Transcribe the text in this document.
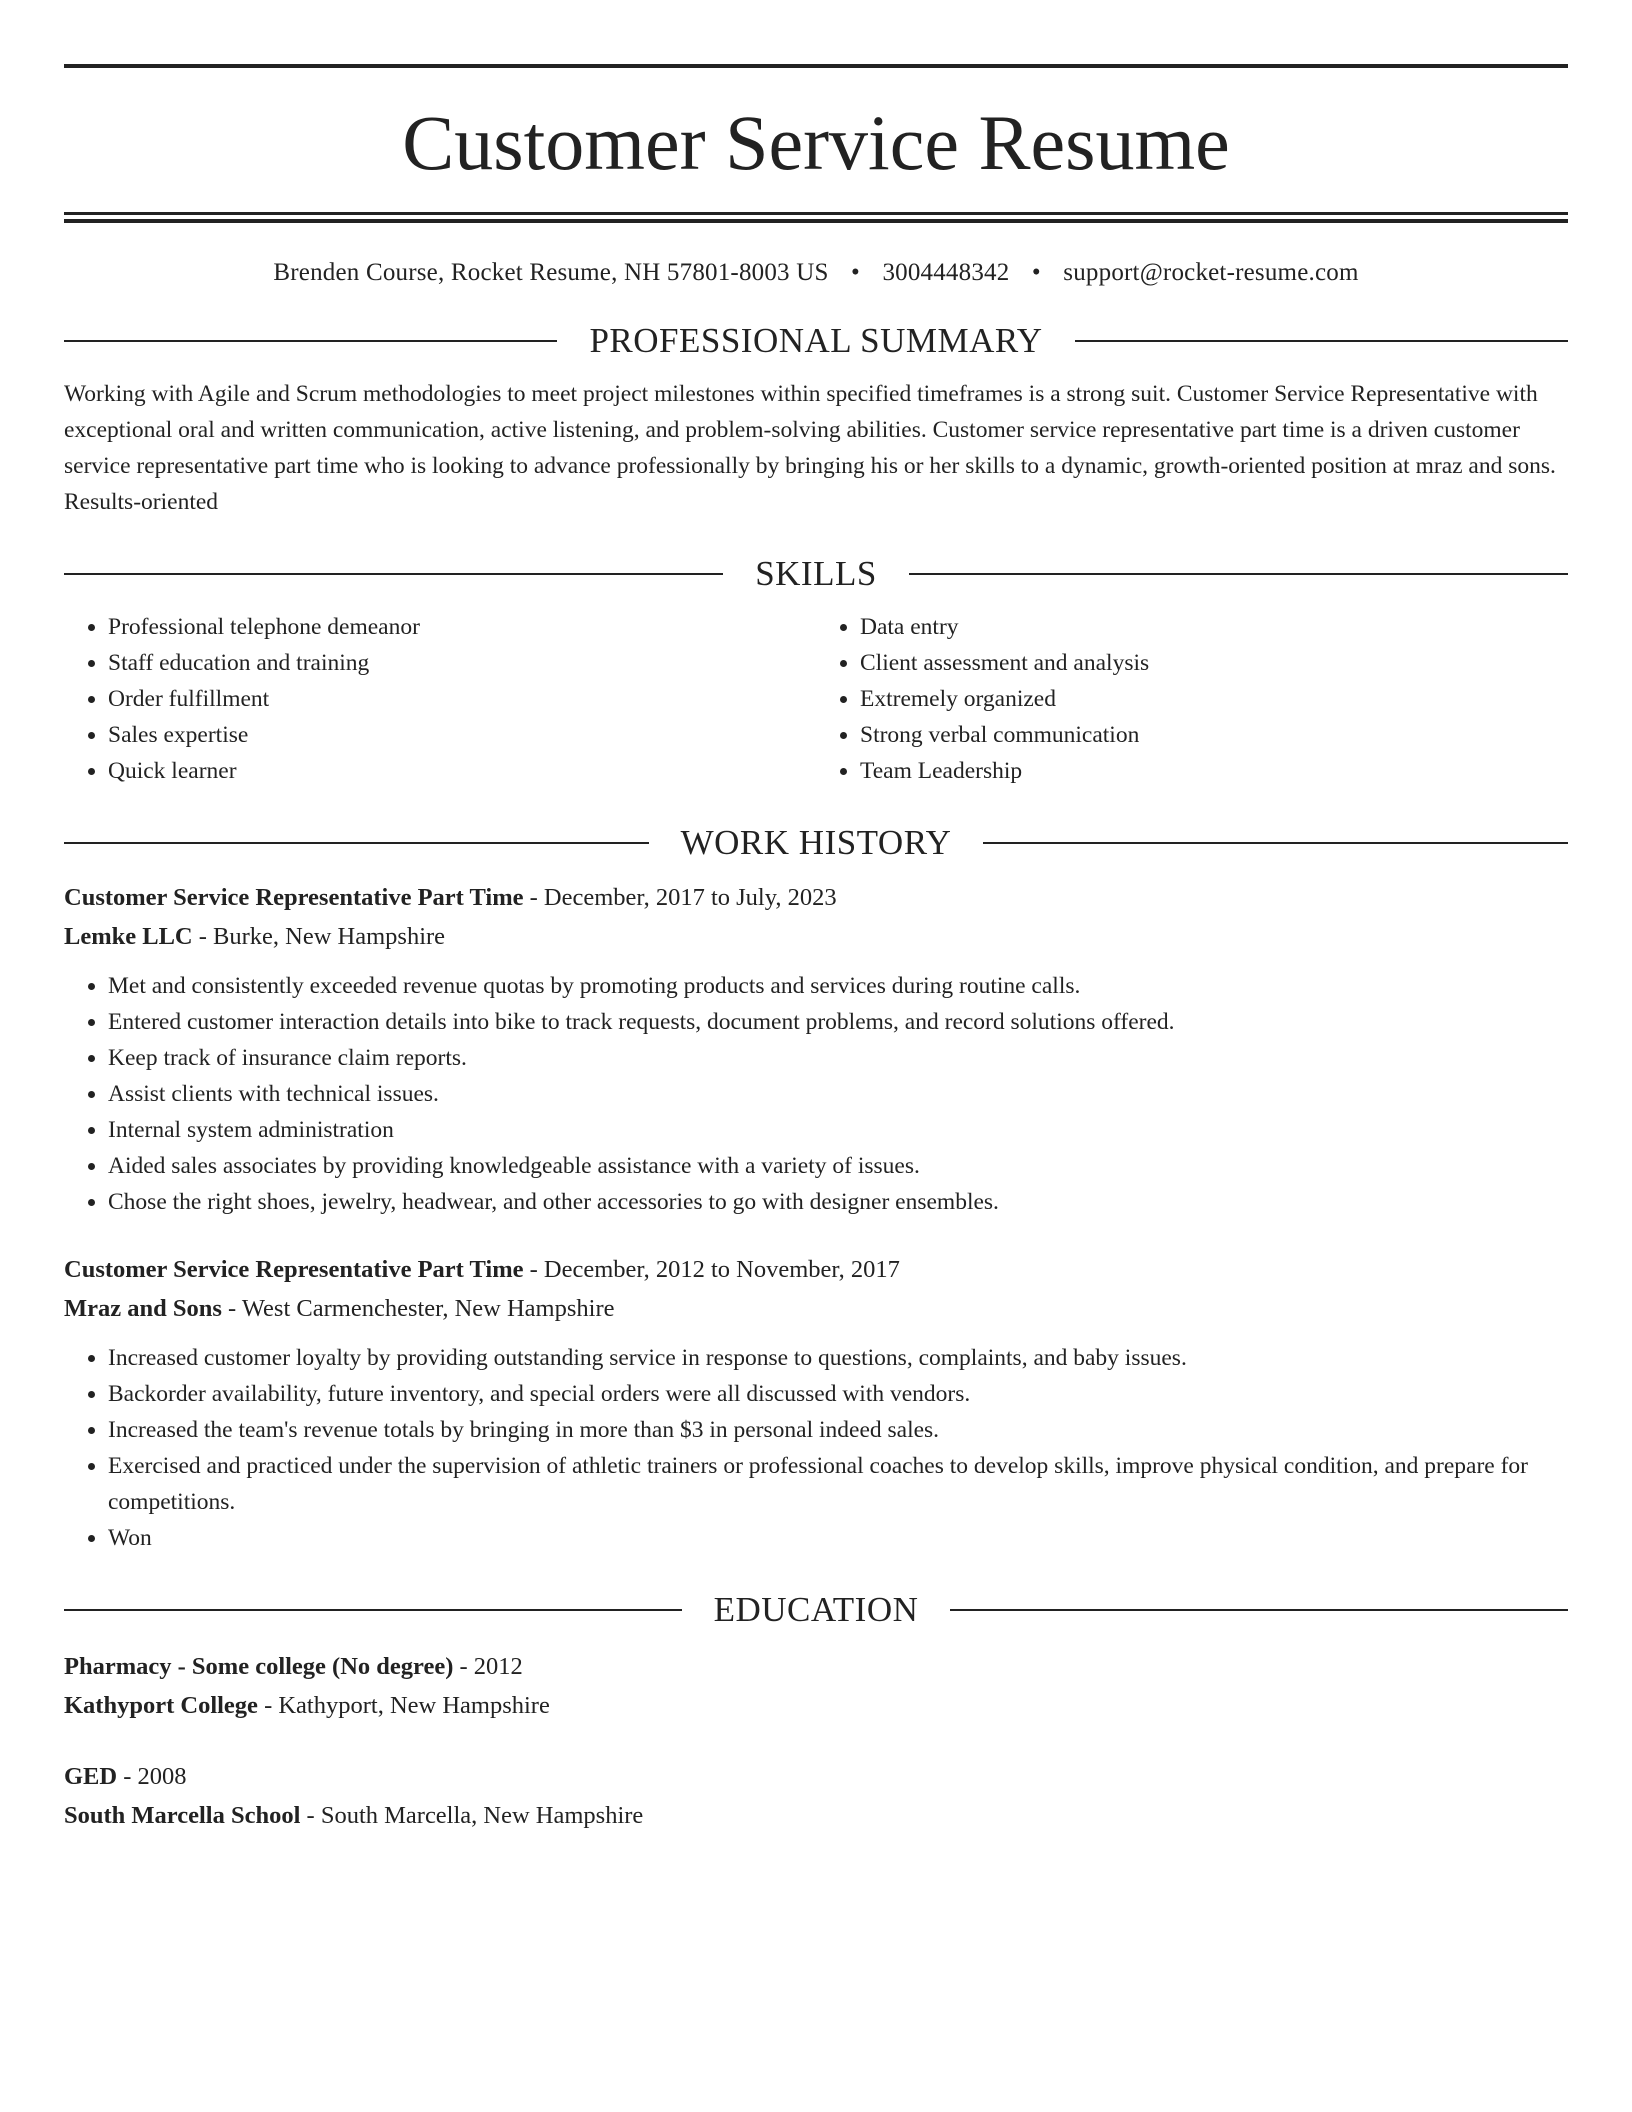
Customer Service Resume
Brenden Course, Rocket Resume, NH 57801-8003 US • 3004448342 • support@rocket-resume.com
PROFESSIONAL SUMMARY
Working with Agile and Scrum methodologies to meet project milestones within specified timeframes is a strong suit. Customer Service Representative with exceptional oral and written communication, active listening, and problem-solving abilities. Customer service representative part time is a driven customer service representative part time who is looking to advance professionally by bringing his or her skills to a dynamic, growth-oriented position at mraz and sons. Results-oriented
SKILLS
• Professional telephone demeanor
• Staff education and training
• Order fulfillment
• Sales expertise
• Quick learner
• Data entry
• Client assessment and analysis
• Extremely organized
• Strong verbal communication
• Team Leadership
WORK HISTORY
Customer Service Representative Part Time - December, 2017 to July, 2023
Lemke LLC - Burke, New Hampshire
• Met and consistently exceeded revenue quotas by promoting products and services during routine calls.
• Entered customer interaction details into bike to track requests, document problems, and record solutions offered.
• Keep track of insurance claim reports.
• Assist clients with technical issues.
• Internal system administration
• Aided sales associates by providing knowledgeable assistance with a variety of issues.
• Chose the right shoes, jewelry, headwear, and other accessories to go with designer ensembles.
Customer Service Representative Part Time - December, 2012 to November, 2017
Mraz and Sons - West Carmenchester, New Hampshire
• Increased customer loyalty by providing outstanding service in response to questions, complaints, and baby issues.
• Backorder availability, future inventory, and special orders were all discussed with vendors.
• Increased the team's revenue totals by bringing in more than $3 in personal indeed sales.
• Exercised and practiced under the supervision of athletic trainers or professional coaches to develop skills, improve physical condition, and prepare for competitions.
• Won
EDUCATION
Pharmacy - Some college (No degree) - 2012
Kathyport College - Kathyport, New Hampshire
GED - 2008
South Marcella School - South Marcella, New Hampshire
